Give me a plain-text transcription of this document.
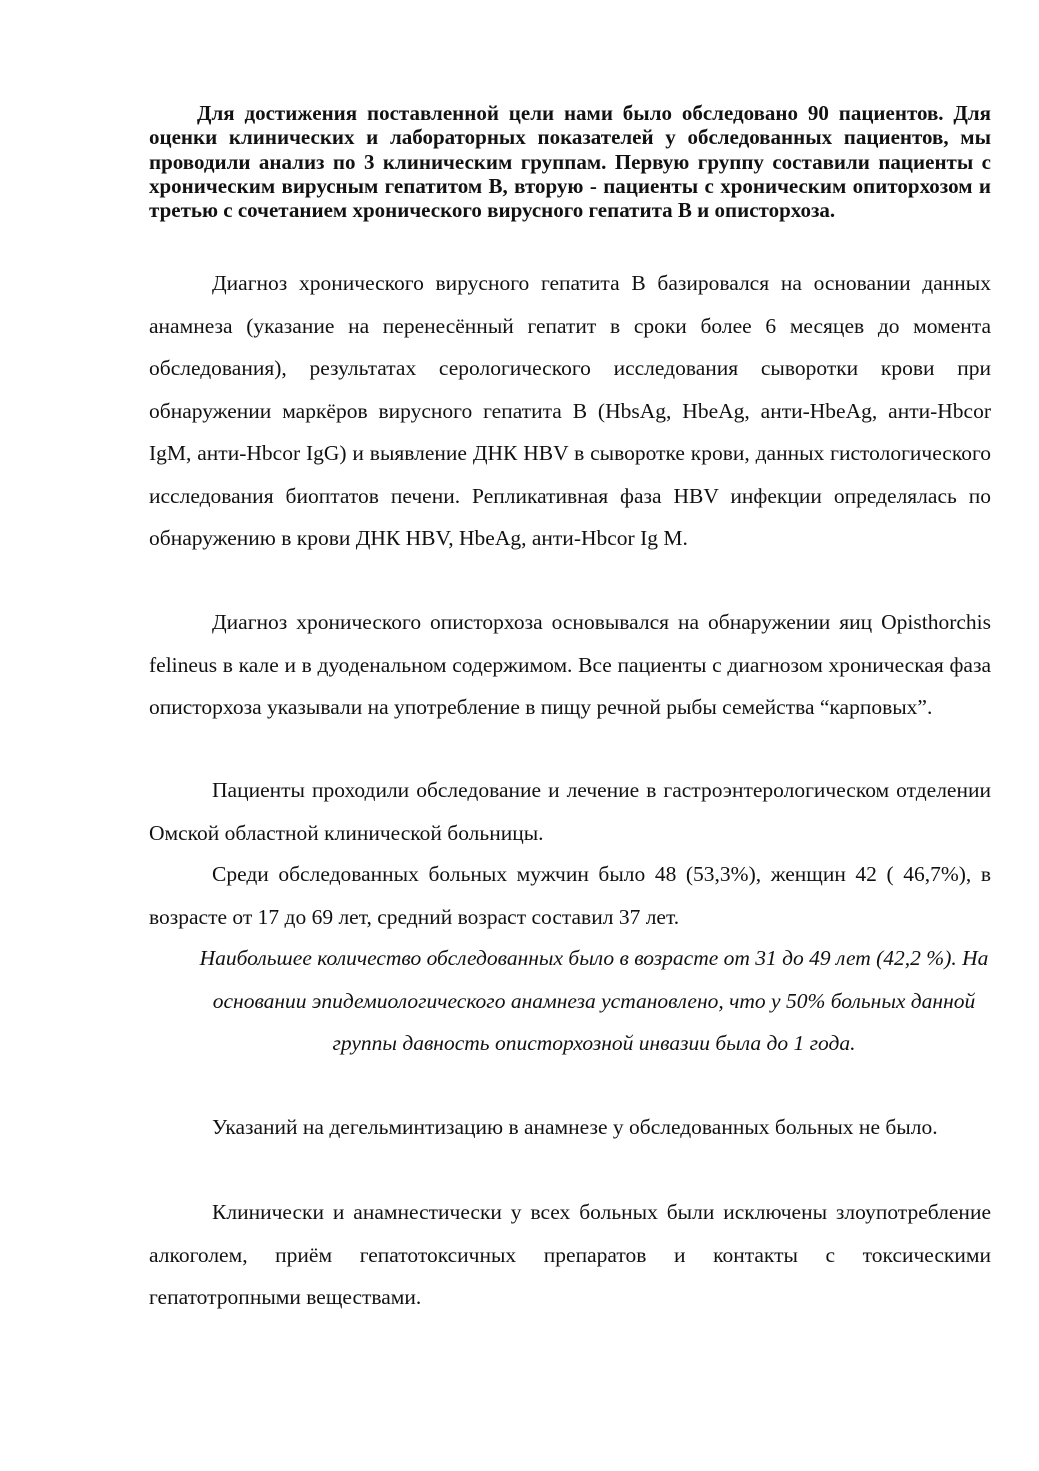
Для достижения поставленной цели нами было обследовано 90 пациентов. Для оценки клинических и лабораторных показателей у обследованных пациентов, мы проводили анализ по 3 клиническим группам. Первую группу составили пациенты с хроническим вирусным гепатитом В, вторую - пациенты с хроническим опиторхозом и третью с сочетанием хронического вирусного гепатита В и описторхоза.

Диагноз хронического вирусного гепатита В базировался на основании данных анамнеза (указание на перенесённый гепатит в сроки более 6 месяцев до момента обследования), результатах серологического исследования сыворотки крови при обнаружении маркёров вирусного гепатита В (HbsAg, HbeAg, анти-HbeAg, анти-Hbcor IgM, анти-Hbcor IgG) и выявление ДНК HBV в сыворотке крови, данных гистологического исследования биоптатов печени. Репликативная фаза HBV инфекции определялась по обнаружению в крови ДНК HBV, HbeAg, анти-Hbcor Ig M.

Диагноз хронического описторхоза основывался на обнаружении яиц Opisthorchis felineus в кале и в дуоденальном содержимом. Все пациенты с диагнозом хроническая фаза описторхоза указывали на употребление в пищу речной рыбы семейства “карповых”.

Пациенты проходили обследование и лечение в гастроэнтерологическом отделении Омской областной клинической больницы.

Среди обследованных больных мужчин было 48 (53,3%), женщин 42 ( 46,7%), в возрасте от 17 до 69 лет, средний возраст составил 37 лет.

Наибольшее количество обследованных было в возрасте от 31 до 49 лет (42,2 %). На основании эпидемиологического анамнеза установлено, что у 50% больных данной группы давность описторхозной инвазии была до 1 года.

Указаний на дегельминтизацию в анамнезе у обследованных больных не было.

Клинически и анамнестически у всех больных были исключены злоупотребление алкоголем, приём гепатотоксичных препаратов и контакты с токсическими гепатотропными веществами.
